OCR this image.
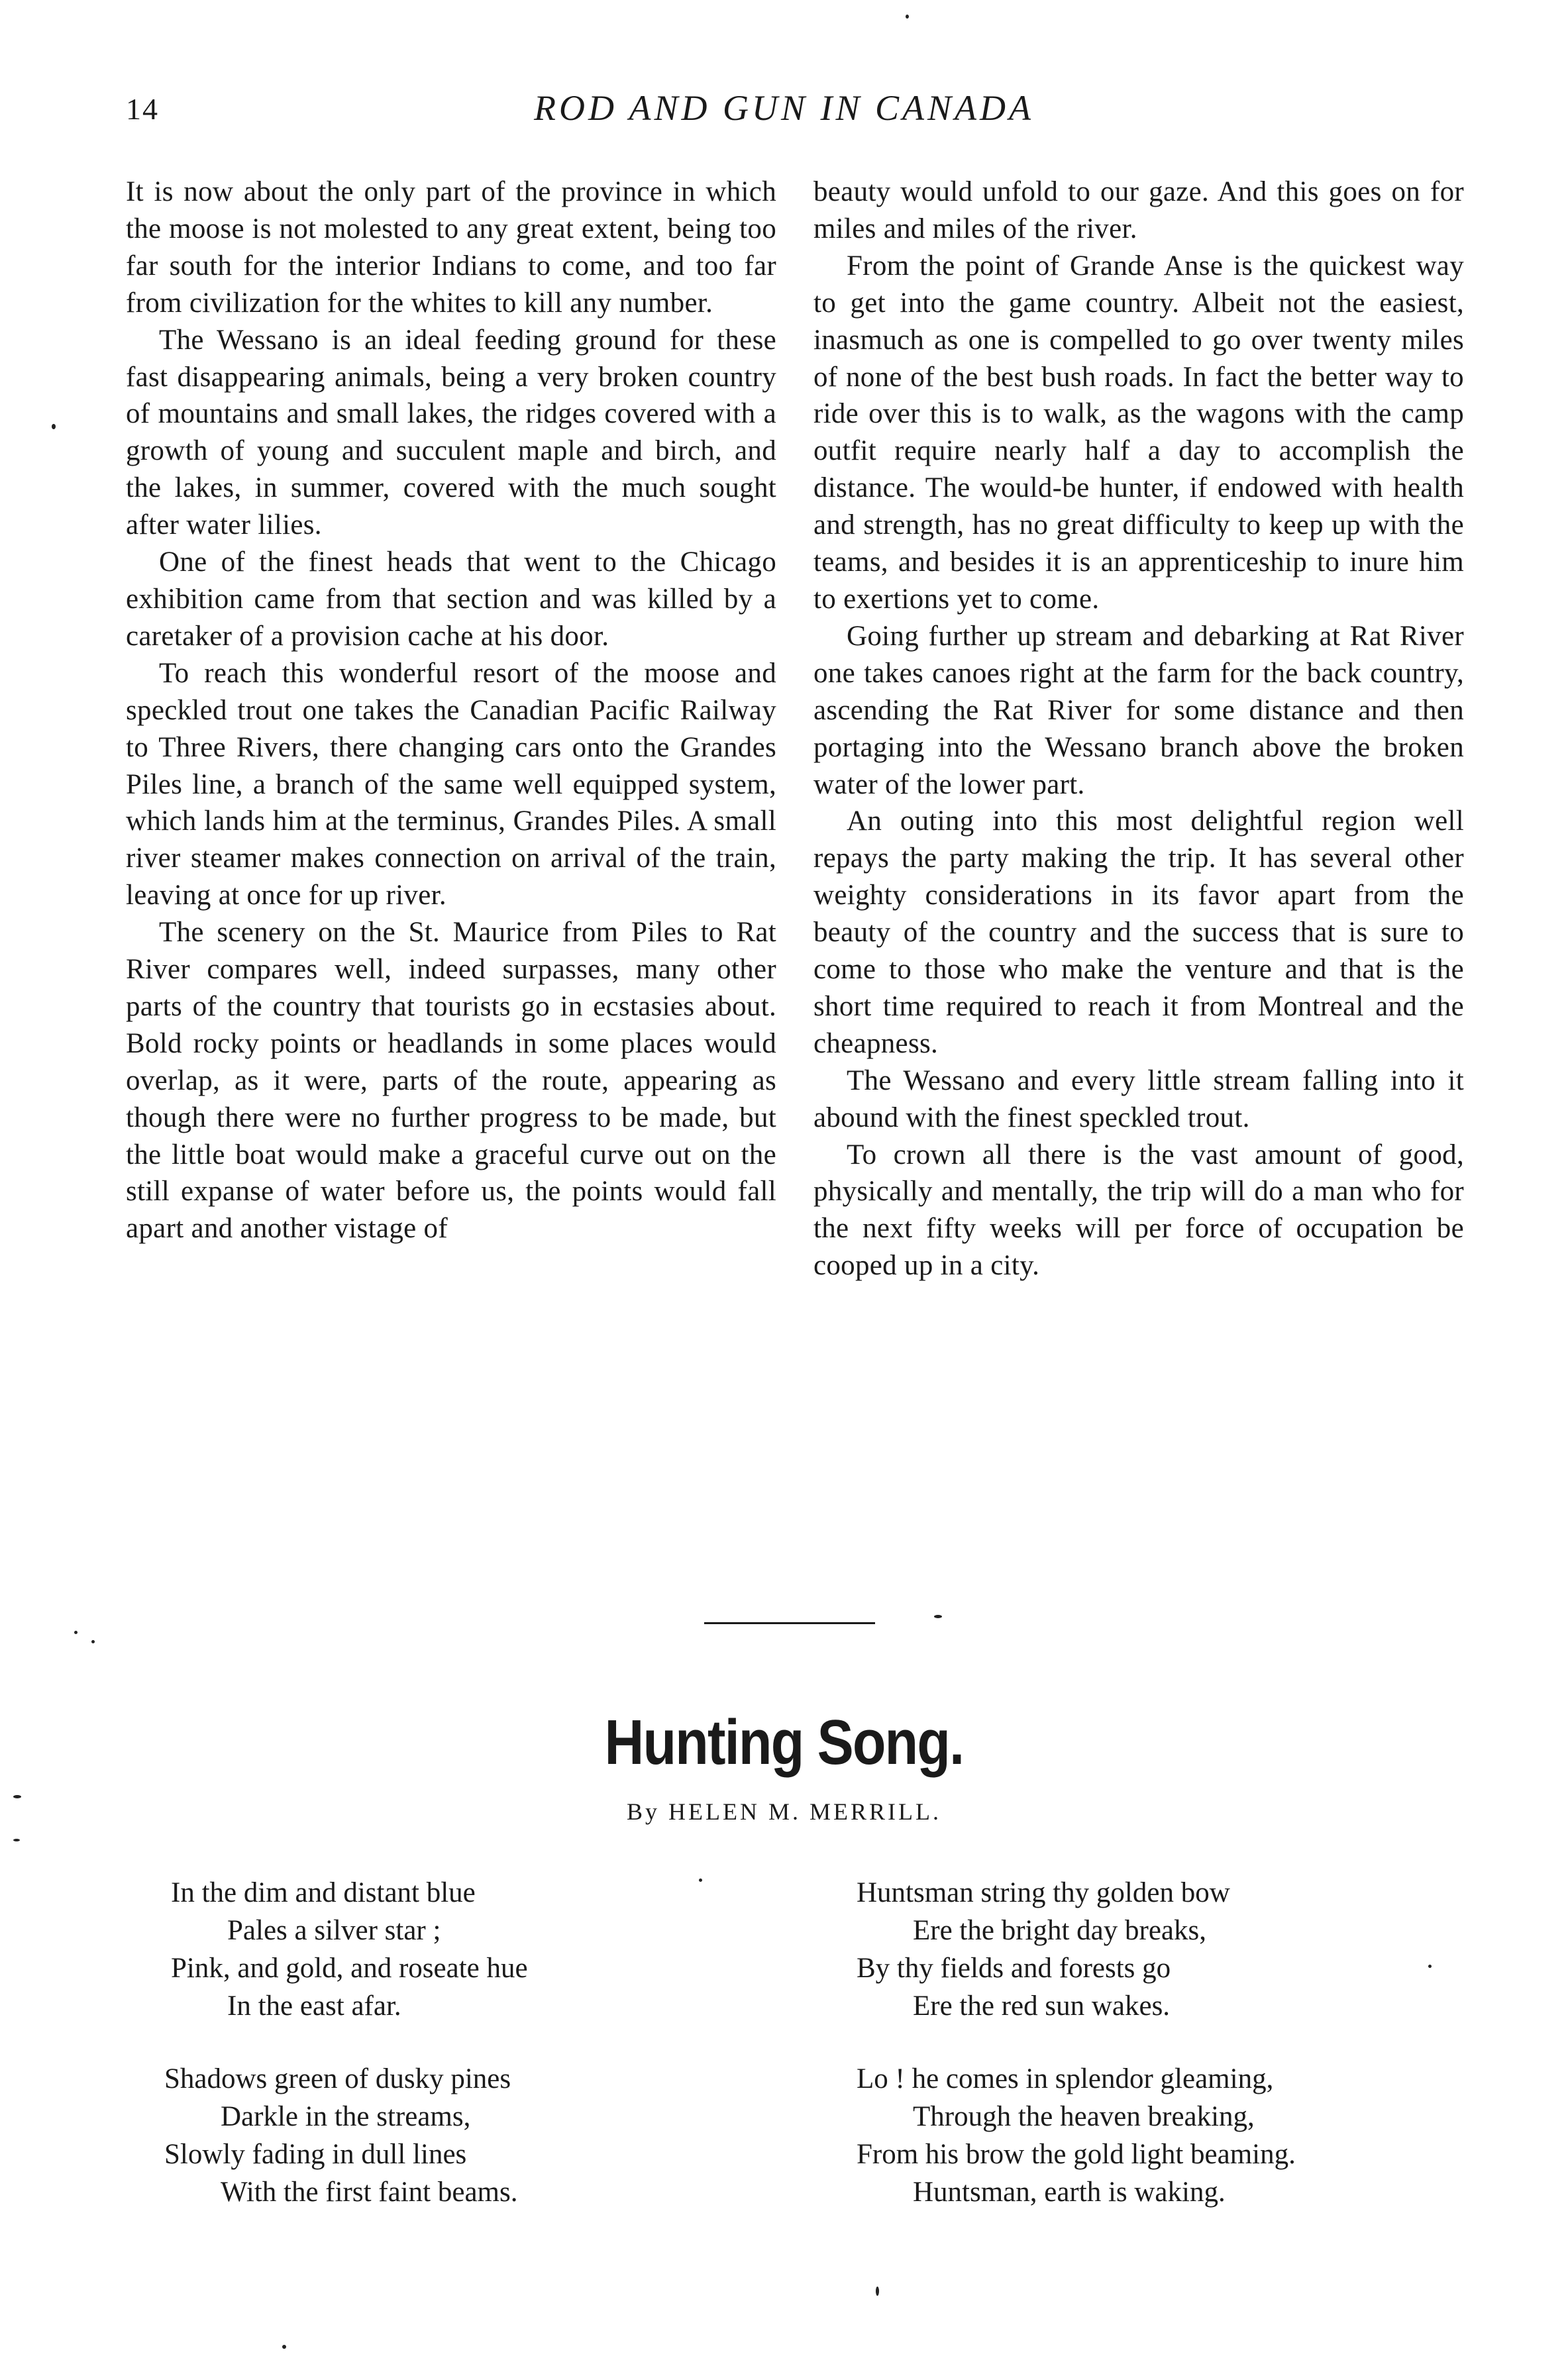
14	ROD AND GUN IN CANADA

It is now about the only part of the province in which the moose is not molested to any great extent, being too far south for the interior Indians to come, and too far from civilization for the whites to kill any number.

The Wessano is an ideal feeding ground for these fast disappearing animals, being a very broken country of mountains and small lakes, the ridges covered with a growth of young and succulent maple and birch, and the lakes, in summer, covered with the much sought after water lilies.

One of the finest heads that went to the Chicago exhibition came from that section and was killed by a caretaker of a provision cache at his door.

To reach this wonderful resort of the moose and speckled trout one takes the Canadian Pacific Railway to Three Rivers, there changing cars onto the Grandes Piles line, a branch of the same well equipped system, which lands him at the terminus, Grandes Piles. A small river steamer makes connection on arrival of the train, leaving at once for up river.

The scenery on the St. Maurice from Piles to Rat River compares well, indeed surpasses, many other parts of the country that tourists go in ecstasies about. Bold rocky points or headlands in some places would overlap, as it were, parts of the route, appearing as though there were no further progress to be made, but the little boat would make a graceful curve out on the still expanse of water before us, the points would fall apart and another vistage of

beauty would unfold to our gaze. And this goes on for miles and miles of the river.

From the point of Grande Anse is the quickest way to get into the game country. Albeit not the easiest, inasmuch as one is compelled to go over twenty miles of none of the best bush roads. In fact the better way to ride over this is to walk, as the wagons with the camp outfit require nearly half a day to accomplish the distance. The would-be hunter, if endowed with health and strength, has no great difficulty to keep up with the teams, and besides it is an apprenticeship to inure him to exertions yet to come.

Going further up stream and debarking at Rat River one takes canoes right at the farm for the back country, ascending the Rat River for some distance and then portaging into the Wessano branch above the broken water of the lower part.

An outing into this most delightful region well repays the party making the trip. It has several other weighty considerations in its favor apart from the beauty of the country and the success that is sure to come to those who make the venture and that is the short time required to reach it from Montreal and the cheapness.

The Wessano and every little stream falling into it abound with the finest speckled trout.

To crown all there is the vast amount of good, physically and mentally, the trip will do a man who for the next fifty weeks will per force of occupation be cooped up in a city.

Hunting Song.
By HELEN M. MERRILL.
In the dim and distant blue
Pales a silver star ;
Pink, and gold, and roseate hue
In the east afar.
Shadows green of dusky pines
Darkle in the streams,
Slowly fading in dull lines
With the first faint beams.
Huntsman string thy golden bow
Ere the bright day breaks,
By thy fields and forests go
Ere the red sun wakes.
Lo ! he comes in splendor gleaming,
Through the heaven breaking,
From his brow the gold light beaming.
Huntsman, earth is waking.
